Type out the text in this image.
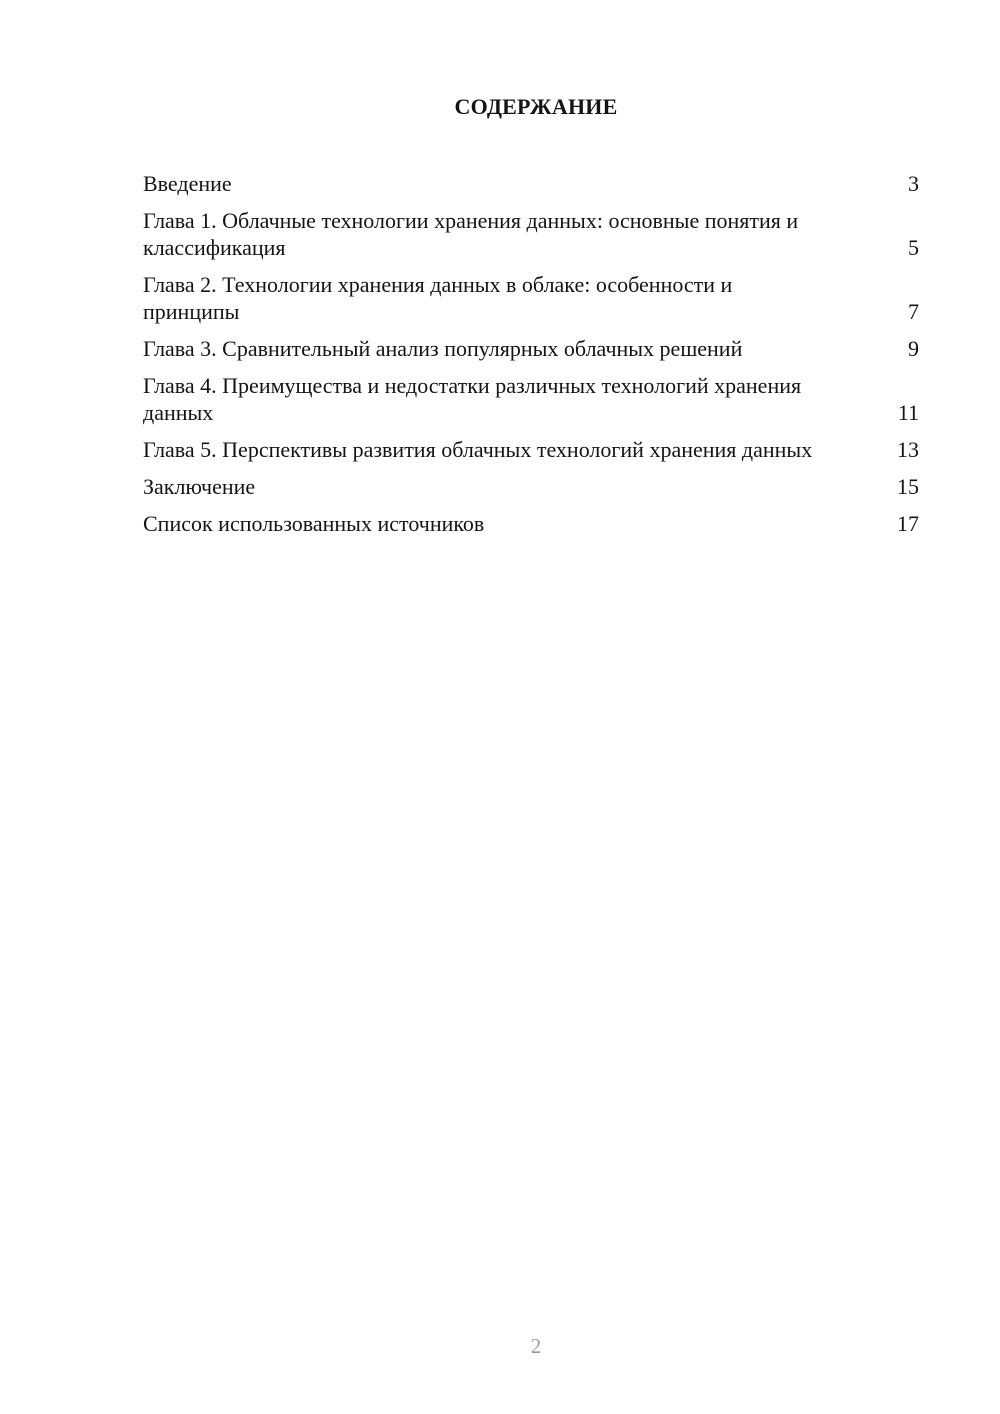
СОДЕРЖАНИЕ
Введение	3
Глава 1. Облачные технологии хранения данных: основные понятия и классификация	5
Глава 2. Технологии хранения данных в облаке: особенности и принципы	7
Глава 3. Сравнительный анализ популярных облачных решений	9
Глава 4. Преимущества и недостатки различных технологий хранения данных	11
Глава 5. Перспективы развития облачных технологий хранения данных	13
Заключение	15
Список использованных источников	17
2
